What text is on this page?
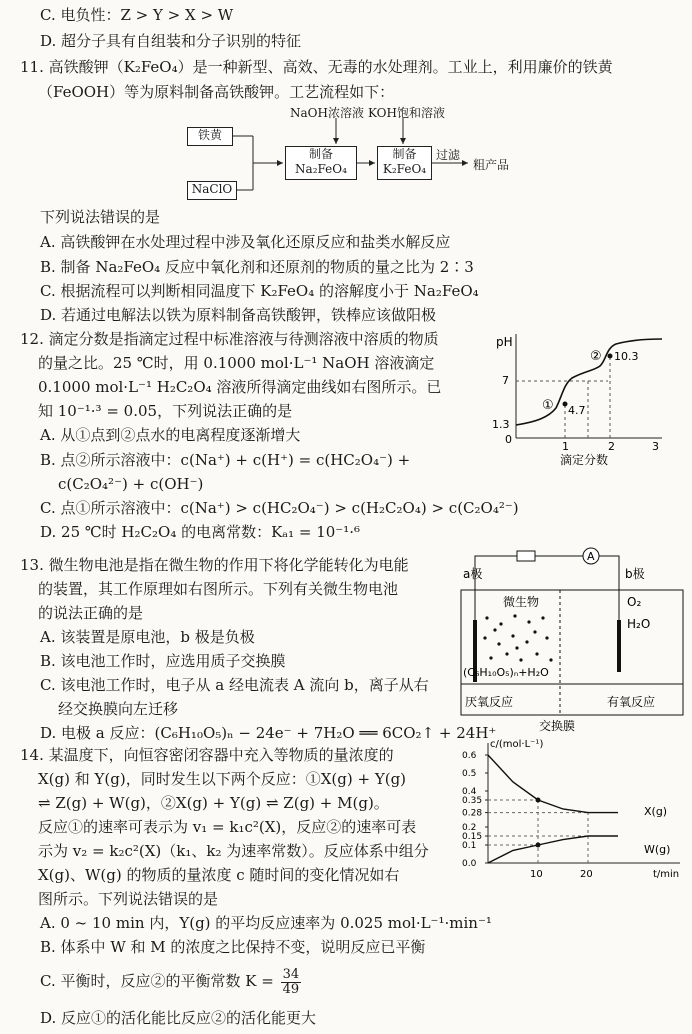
C. 电负性：Z > Y > X > W
D. 超分子具有自组装和分子识别的特征
11. 高铁酸钾（K₂FeO₄）是一种新型、高效、无毒的水处理剂。工业上，利用廉价的铁黄
（FeOOH）等为原料制备高铁酸钾。工艺流程如下：
铁黄
NaClO
NaOH浓溶液 KOH饱和溶液
制备
Na₂FeO₄
制备
K₂FeO₄
过滤
粗产品
下列说法错误的是
A. 高铁酸钾在水处理过程中涉及氧化还原反应和盐类水解反应
B. 制备 Na₂FeO₄ 反应中氧化剂和还原剂的物质的量之比为 2∶3
C. 根据流程可以判断相同温度下 K₂FeO₄ 的溶解度小于 Na₂FeO₄
D. 若通过电解法以铁为原料制备高铁酸钾，铁棒应该做阳极
12. 滴定分数是指滴定过程中标准溶液与待测溶液中溶质的物质
的量之比。25 ℃时，用 0.1000 mol·L⁻¹ NaOH 溶液滴定
0.1000 mol·L⁻¹ H₂C₂O₄ 溶液所得滴定曲线如右图所示。已
知 10⁻¹·³ = 0.05，下列说法正确的是
A. 从①点到②点水的电离程度逐渐增大
B. 点②所示溶液中：c(Na⁺) + c(H⁺) = c(HC₂O₄⁻) +
c(C₂O₄²⁻) + c(OH⁻)
C. 点①所示溶液中：c(Na⁺) > c(HC₂O₄⁻) > c(H₂C₂O₄) > c(C₂O₄²⁻)
D. 25 ℃时 H₂C₂O₄ 的电离常数：Kₐ₁ = 10⁻¹·⁶
pH
7
1.3
0
1	2	3
滴定分数
① 4.7
② 10.3
13. 微生物电池是指在微生物的作用下将化学能转化为电能
的装置，其工作原理如右图所示。下列有关微生物电池
的说法正确的是
A. 该装置是原电池，b 极是负极
B. 该电池工作时，应选用质子交换膜
C. 该电池工作时，电子从 a 经电流表 A 流向 b，离子从右
经交换膜向左迁移
D. 电极 a 反应：(C₆H₁₀O₅)ₙ − 24e⁻ + 7H₂O ══ 6CO₂↑ + 24H⁺
A
a极	b极
微生物	O₂
H₂O
(C₆H₁₀O₅)ₙ+H₂O
厌氧反应	有氧反应
交换膜
14. 某温度下，向恒容密闭容器中充入等物质的量浓度的
X(g) 和 Y(g)，同时发生以下两个反应：①X(g) + Y(g)
⇌ Z(g) + W(g)，②X(g) + Y(g) ⇌ Z(g) + M(g)。
反应①的速率可表示为 v₁ = k₁c²(X)，反应②的速率可表
示为 v₂ = k₂c²(X)（k₁、k₂ 为速率常数）。反应体系中组分
X(g)、W(g) 的物质的量浓度 c 随时间的变化情况如右
图所示。下列说法错误的是
A. 0 ~ 10 min 内，Y(g) 的平均反应速率为 0.025 mol·L⁻¹·min⁻¹
B. 体系中 W 和 M 的浓度之比保持不变，说明反应已平衡
C. 平衡时，反应②的平衡常数 $K = \frac{34}{49}$
D. 反应①的活化能比反应②的活化能更大
c/(mol·L⁻¹)
t/min
0.6
0.5
0.4
0.35
0.28
0.2
0.15
0.1
0.0
10	20
X(g)
W(g)
